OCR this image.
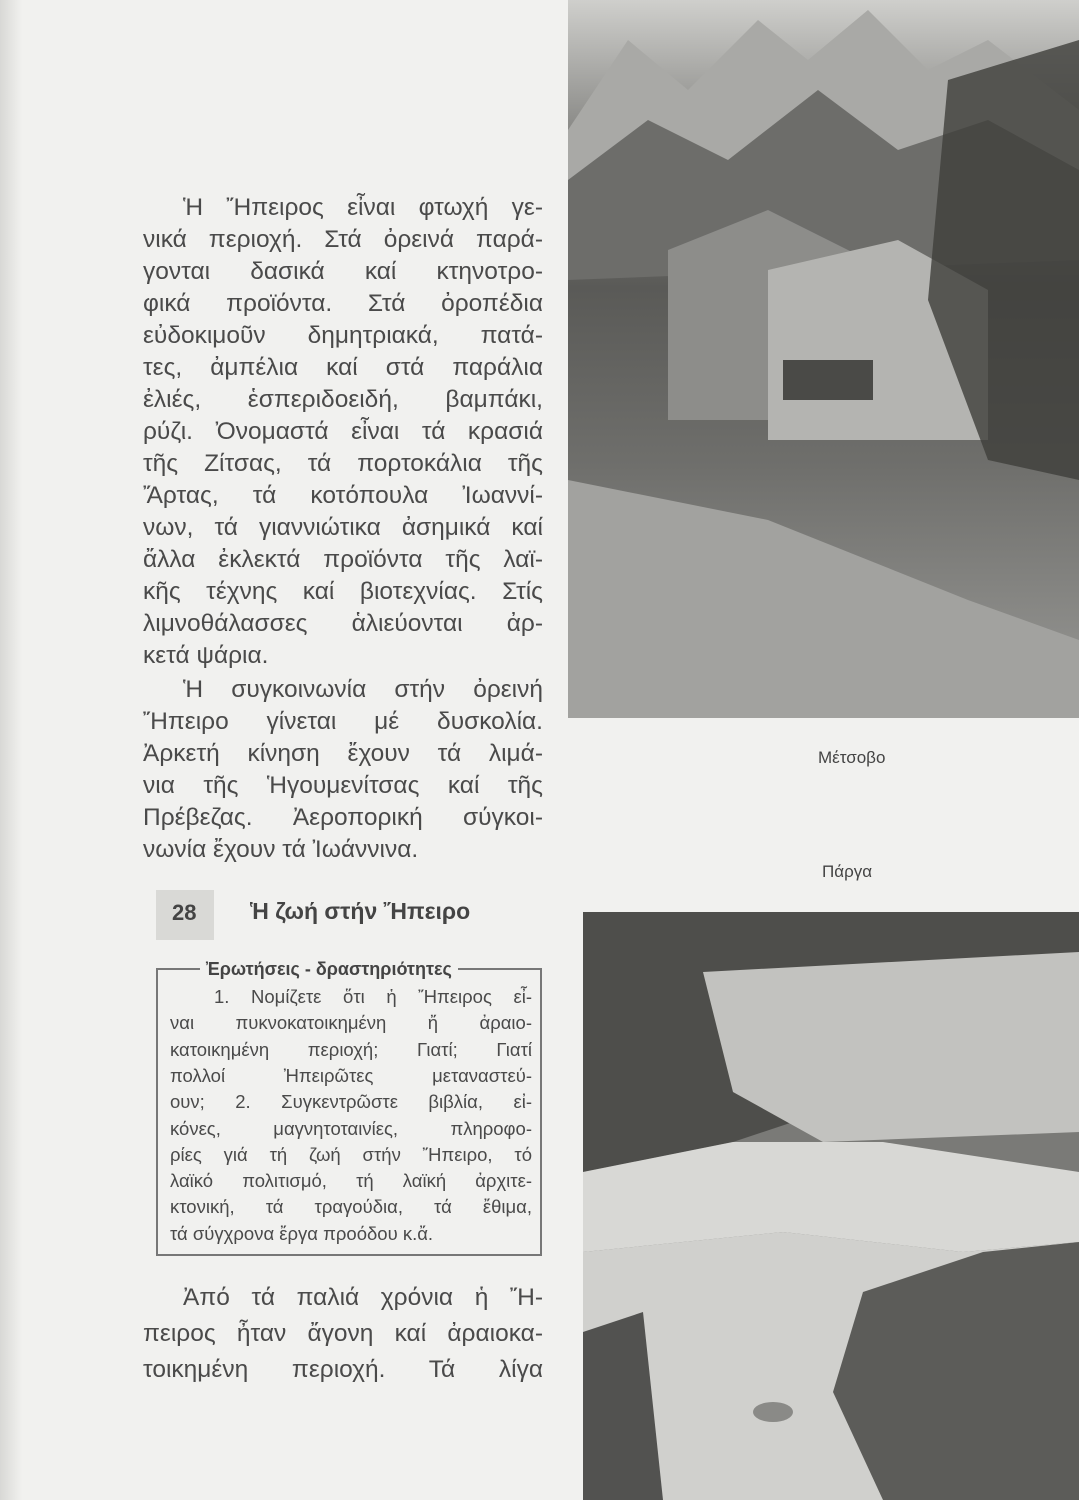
Ἡ Ἤπειρος εἶναι φτωχή γε-
νικά περιοχή. Στά ὀρεινά παρά-
γονται δασικά καί κτηνοτρο-
φικά προϊόντα. Στά ὀροπέδια
εὐδοκιμοῦν δημητριακά, πατά-
τες, ἀμπέλια καί στά παράλια
ἐλιές, ἑσπεριδοειδή, βαμπάκι,
ρύζι. Ὀνομαστά εἶναι τά κρασιά
τῆς Ζίτσας, τά πορτοκάλια τῆς
Ἄρτας, τά κοτόπουλα Ἰωαννί-
νων, τά γιαννιώτικα ἀσημικά καί
ἄλλα ἐκλεκτά προϊόντα τῆς λαϊ-
κῆς τέχνης καί βιοτεχνίας. Στίς
λιμνοθάλασσες ἁλιεύονται ἀρ-
κετά ψάρια.
Ἡ συγκοινωνία στήν ὀρεινή
Ἤπειρο γίνεται μέ δυσκολία.
Ἀρκετή κίνηση ἔχουν τά λιμά-
νια τῆς Ἡγουμενίτσας καί τῆς
Πρέβεζας. Ἀεροπορική σύγκοι-
νωνία ἔχουν τά Ἰωάννινα.
28 Ἡ ζωή στήν Ἤπειρο
Ἐρωτήσεις - δραστηριότητες
1. Νομίζετε ὅτι ἡ Ἤπειρος εἶ-
ναι πυκνοκατοικημένη ἤ ἀραιο-
κατοικημένη περιοχή; Γιατί; Γιατί
πολλοί Ἠπειρῶτες μεταναστεύ-
ουν; 2. Συγκεντρῶστε βιβλία, εἰ-
κόνες, μαγνητοταινίες, πληροφο-
ρίες γιά τή ζωή στήν Ἤπειρο, τό
λαϊκό πολιτισμό, τή λαϊκή ἀρχιτε-
κτονική, τά τραγούδια, τά ἔθιμα,
τά σύγχρονα ἔργα προόδου κ.ἄ.
Ἀπό τά παλιά χρόνια ἡ Ἤ-
πειρος ἦταν ἄγονη καί ἀραιοκα-
τοικημένη περιοχή. Τά λίγα
Μέτσοβο
Πάργα
